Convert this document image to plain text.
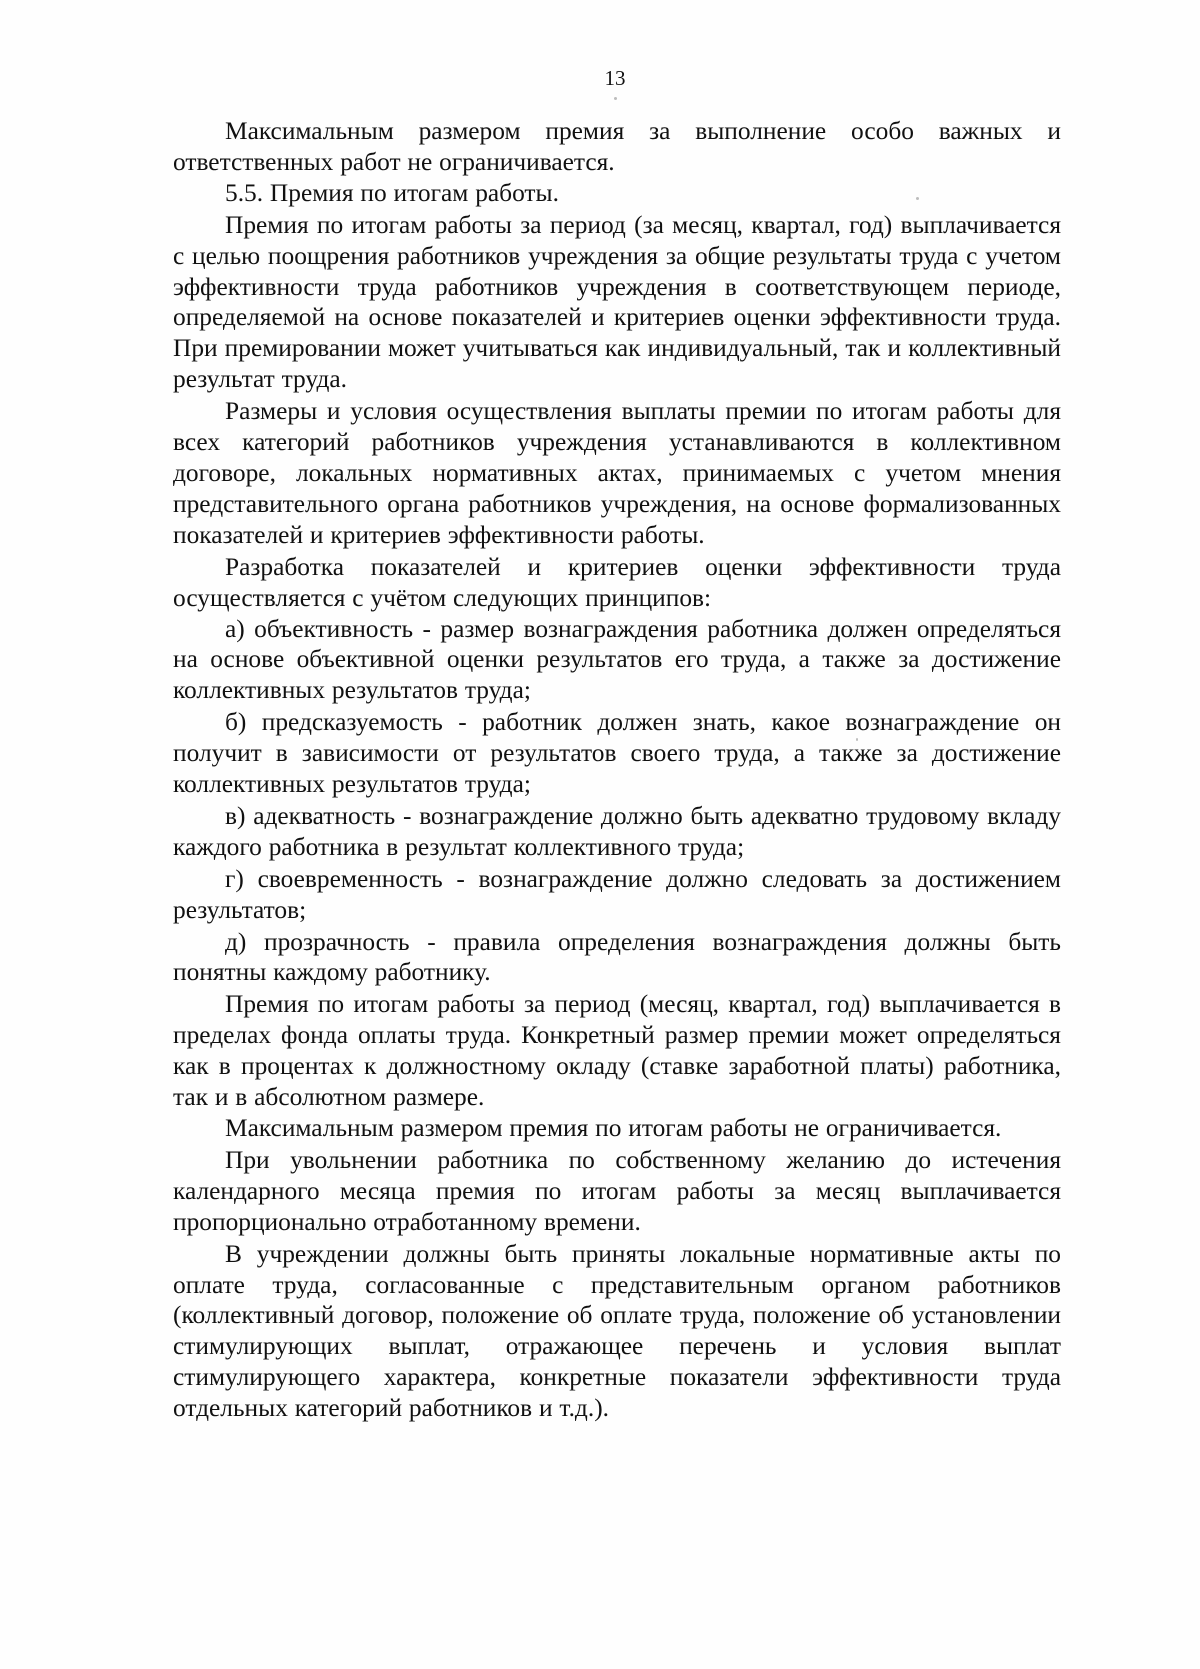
13

Максимальным размером премия за выполнение особо важных и ответственных работ не ограничивается.

5.5. Премия по итогам работы.

Премия по итогам работы за период (за месяц, квартал, год) выплачивается с целью поощрения работников учреждения за общие результаты труда с учетом эффективности труда работников учреждения в соответствующем периоде, определяемой на основе показателей и критериев оценки эффективности труда. При премировании может учитываться как индивидуальный, так и коллективный результат труда.

Размеры и условия осуществления выплаты премии по итогам работы для всех категорий работников учреждения устанавливаются в коллективном договоре, локальных нормативных актах, принимаемых с учетом мнения представительного органа работников учреждения, на основе формализованных показателей и критериев эффективности работы.

Разработка показателей и критериев оценки эффективности труда осуществляется с учётом следующих принципов:

а) объективность - размер вознаграждения работника должен определяться на основе объективной оценки результатов его труда, а также за достижение коллективных результатов труда;

б) предсказуемость - работник должен знать, какое вознаграждение он получит в зависимости от результатов своего труда, а также за достижение коллективных результатов труда;

в) адекватность - вознаграждение должно быть адекватно трудовому вкладу каждого работника в результат коллективного труда;

г) своевременность - вознаграждение должно следовать за достижением результатов;

д) прозрачность - правила определения вознаграждения должны быть понятны каждому работнику.

Премия по итогам работы за период (месяц, квартал, год) выплачивается в пределах фонда оплаты труда. Конкретный размер премии может определяться как в процентах к должностному окладу (ставке заработной платы) работника, так и в абсолютном размере.

Максимальным размером премия по итогам работы не ограничивается.

При увольнении работника по собственному желанию до истечения календарного месяца премия по итогам работы за месяц выплачивается пропорционально отработанному времени.

В учреждении должны быть приняты локальные нормативные акты по оплате труда, согласованные с представительным органом работников (коллективный договор, положение об оплате труда, положение об установлении стимулирующих выплат, отражающее перечень и условия выплат стимулирующего характера, конкретные показатели эффективности труда отдельных категорий работников и т.д.).
